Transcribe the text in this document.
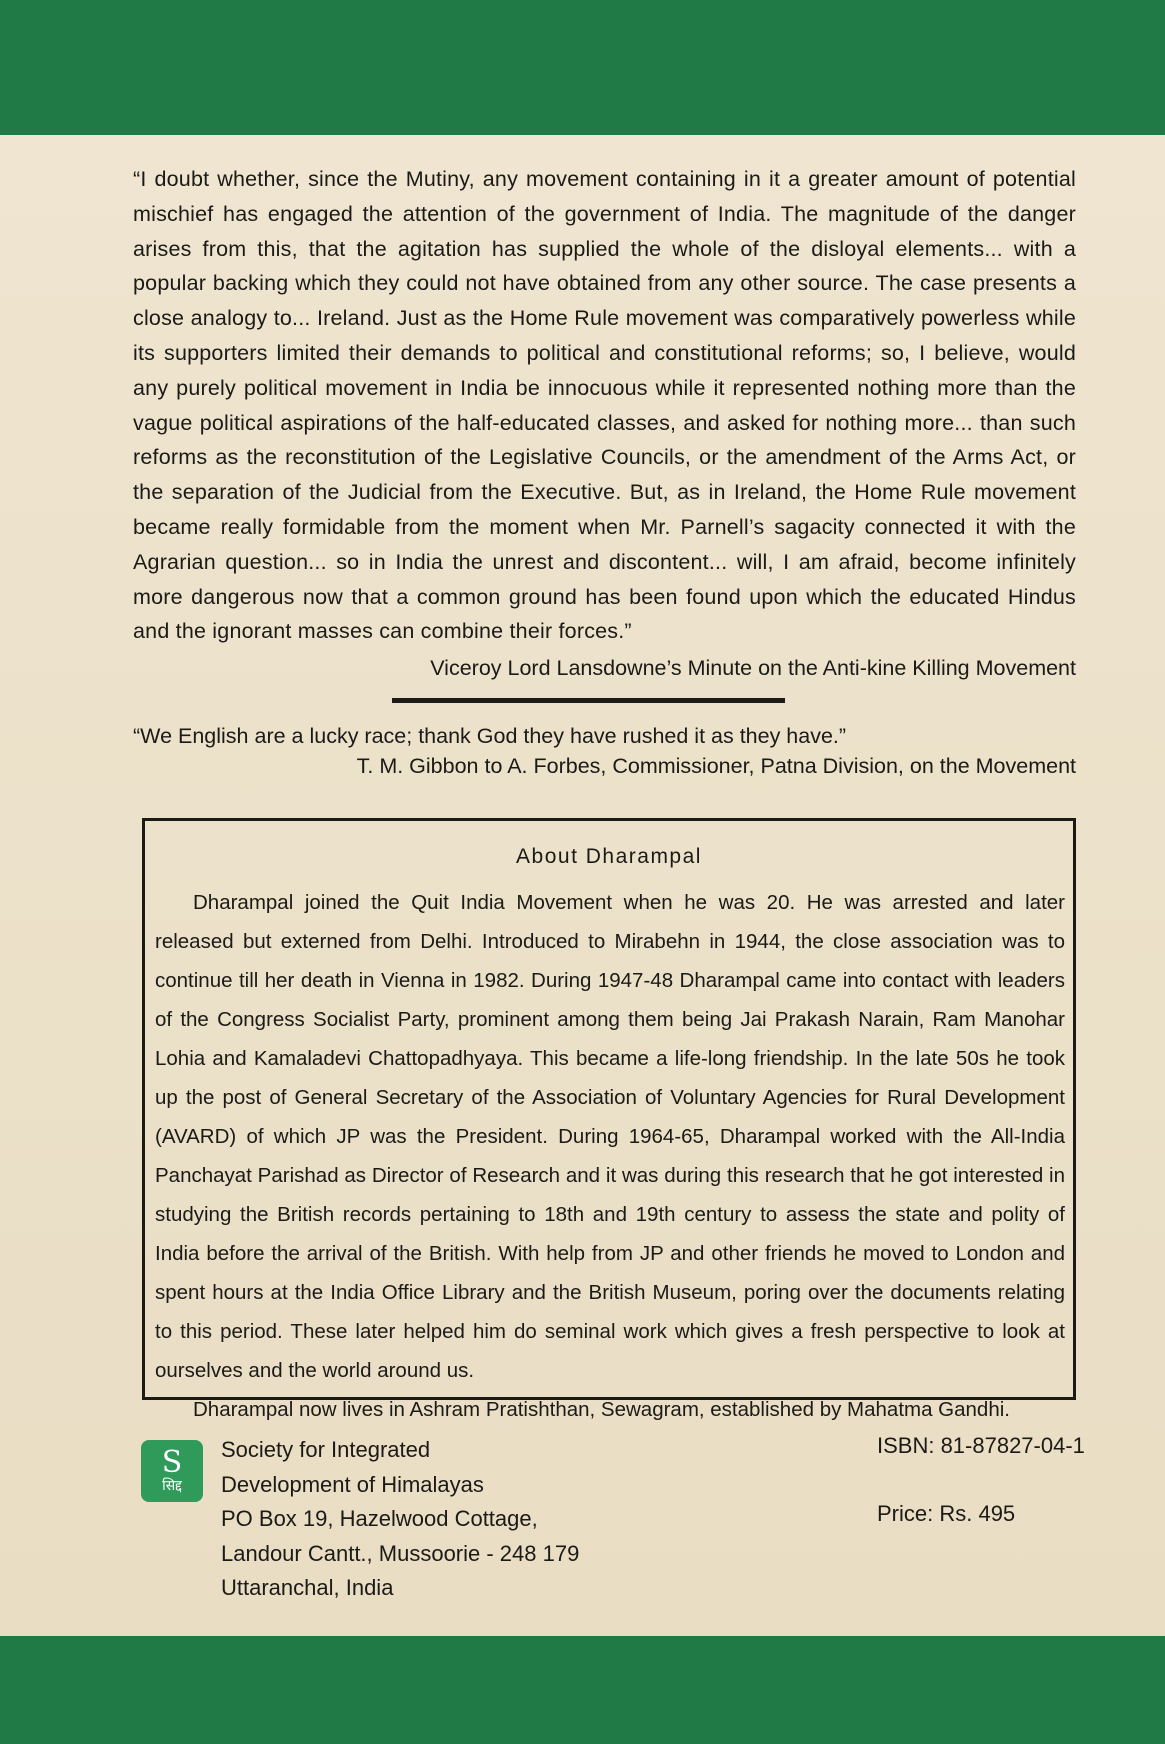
“I doubt whether, since the Mutiny, any movement containing in it a greater amount of potential mischief has engaged the attention of the government of India. The magnitude of the danger arises from this, that the agitation has supplied the whole of the disloyal elements... with a popular backing which they could not have obtained from any other source. The case presents a close analogy to... Ireland. Just as the Home Rule movement was comparatively powerless while its supporters limited their demands to political and constitutional reforms; so, I believe, would any purely political movement in India be innocuous while it represented nothing more than the vague political aspirations of the half-educated classes, and asked for nothing more... than such reforms as the reconstitution of the Legislative Councils, or the amendment of the Arms Act, or the separation of the Judicial from the Executive. But, as in Ireland, the Home Rule movement became really formidable from the moment when Mr. Parnell’s sagacity connected it with the Agrarian question... so in India the unrest and discontent... will, I am afraid, become infinitely more dangerous now that a common ground has been found upon which the educated Hindus and the ignorant masses can combine their forces.”
Viceroy Lord Lansdowne’s Minute on the Anti-kine Killing Movement
“We English are a lucky race; thank God they have rushed it as they have.”
T. M. Gibbon to A. Forbes, Commissioner, Patna Division, on the Movement
About Dharampal

Dharampal joined the Quit India Movement when he was 20. He was arrested and later released but externed from Delhi. Introduced to Mirabehn in 1944, the close association was to continue till her death in Vienna in 1982. During 1947-48 Dharampal came into contact with leaders of the Congress Socialist Party, prominent among them being Jai Prakash Narain, Ram Manohar Lohia and Kamaladevi Chattopadhyaya. This became a life-long friendship. In the late 50s he took up the post of General Secretary of the Association of Voluntary Agencies for Rural Development (AVARD) of which JP was the President. During 1964-65, Dharampal worked with the All-India Panchayat Parishad as Director of Research and it was during this research that he got interested in studying the British records pertaining to 18th and 19th century to assess the state and polity of India before the arrival of the British. With help from JP and other friends he moved to London and spent hours at the India Office Library and the British Museum, poring over the documents relating to this period. These later helped him do seminal work which gives a fresh perspective to look at ourselves and the world around us.

Dharampal now lives in Ashram Pratishthan, Sewagram, established by Mahatma Gandhi.

S
सिद्द
Society for Integrated
Development of Himalayas
PO Box 19, Hazelwood Cottage,
Landour Cantt., Mussoorie - 248 179
Uttaranchal, India
ISBN: 81-87827-04-1
Price: Rs. 495
